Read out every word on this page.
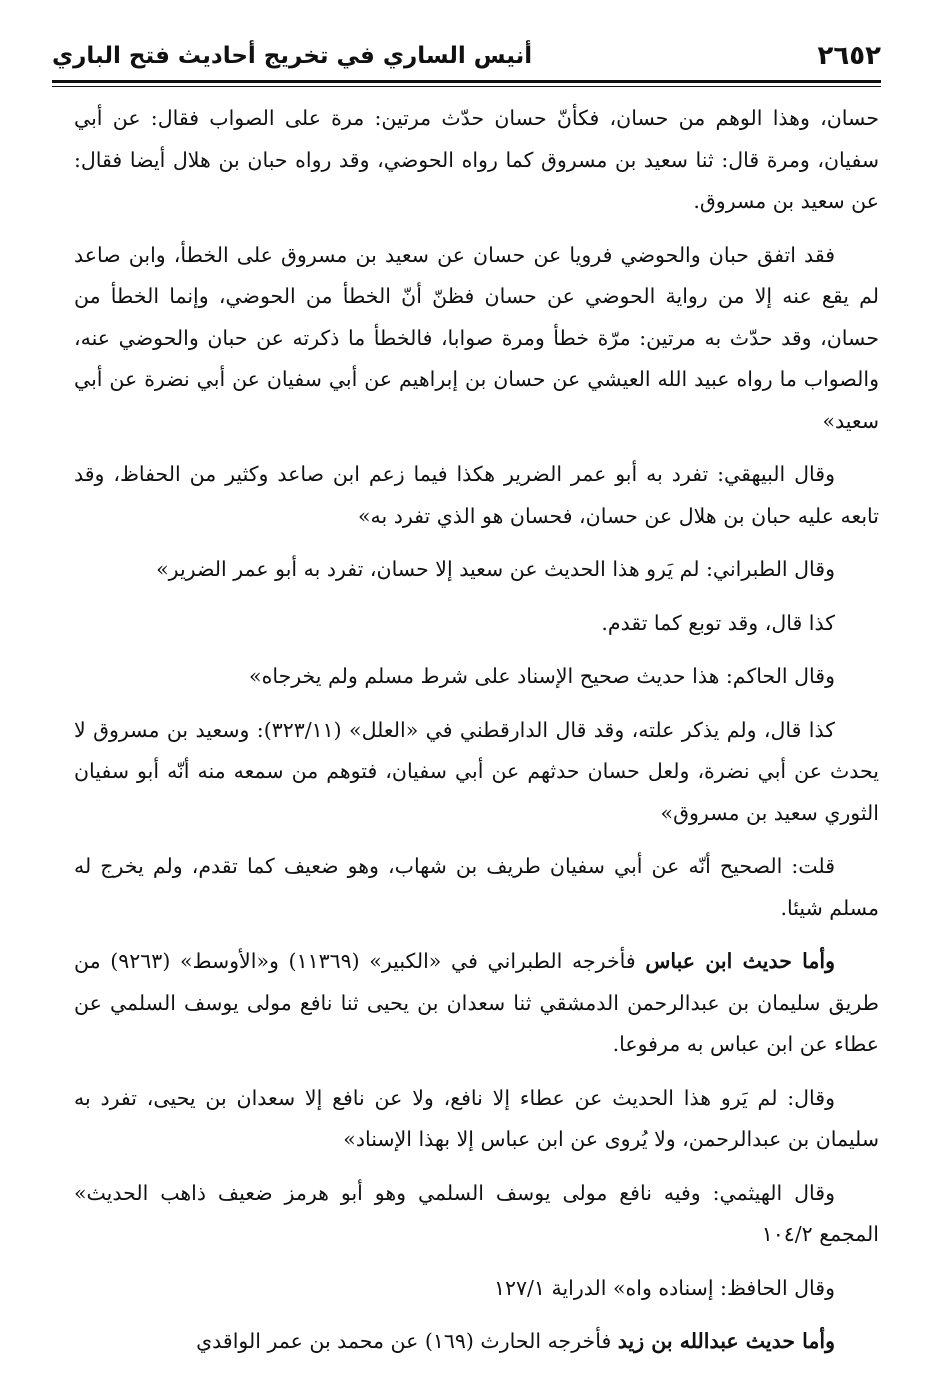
٢٦٥٢
أنيس الساري في تخريج أحاديث فتح الباري

حسان، وهذا الوهم من حسان، فكأنّ حسان حدّث مرتين: مرة على الصواب فقال: عن أبي سفيان، ومرة قال: ثنا سعيد بن مسروق كما رواه الحوضي، وقد رواه حبان بن هلال أيضا فقال: عن سعيد بن مسروق.

فقد اتفق حبان والحوضي فرويا عن حسان عن سعيد بن مسروق على الخطأ، وابن صاعد لم يقع عنه إلا من رواية الحوضي عن حسان فظنّ أنّ الخطأ من الحوضي، وإنما الخطأ من حسان، وقد حدّث به مرتين: مرّة خطأ ومرة صوابا، فالخطأ ما ذكرته عن حبان والحوضي عنه، والصواب ما رواه عبيد الله العيشي عن حسان بن إبراهيم عن أبي سفيان عن أبي نضرة عن أبي سعيد»

وقال البيهقي: تفرد به أبو عمر الضرير هكذا فيما زعم ابن صاعد وكثير من الحفاظ، وقد تابعه عليه حبان بن هلال عن حسان، فحسان هو الذي تفرد به»

وقال الطبراني: لم يَرو هذا الحديث عن سعيد إلا حسان، تفرد به أبو عمر الضرير»

كذا قال، وقد توبع كما تقدم.

وقال الحاكم: هذا حديث صحيح الإسناد على شرط مسلم ولم يخرجاه»

كذا قال، ولم يذكر علته، وقد قال الدارقطني في «العلل» (٣٢٣/١١): وسعيد بن مسروق لا يحدث عن أبي نضرة، ولعل حسان حدثهم عن أبي سفيان، فتوهم من سمعه منه أنّه أبو سفيان الثوري سعيد بن مسروق»

قلت: الصحيح أنّه عن أبي سفيان طريف بن شهاب، وهو ضعيف كما تقدم، ولم يخرج له مسلم شيئا.

وأما حديث ابن عباس فأخرجه الطبراني في «الكبير» (١١٣٦٩) و«الأوسط» (٩٢٦٣) من طريق سليمان بن عبدالرحمن الدمشقي ثنا سعدان بن يحيى ثنا نافع مولى يوسف السلمي عن عطاء عن ابن عباس به مرفوعا.

وقال: لم يَرو هذا الحديث عن عطاء إلا نافع، ولا عن نافع إلا سعدان بن يحيى، تفرد به سليمان بن عبدالرحمن، ولا يُروى عن ابن عباس إلا بهذا الإسناد»

وقال الهيثمي: وفيه نافع مولى يوسف السلمي وهو أبو هرمز ضعيف ذاهب الحديث» المجمع ١٠٤/٢

وقال الحافظ: إسناده واه» الدراية ١٢٧/١

وأما حديث عبدالله بن زيد فأخرجه الحارث (١٦٩) عن محمد بن عمر الواقدي
